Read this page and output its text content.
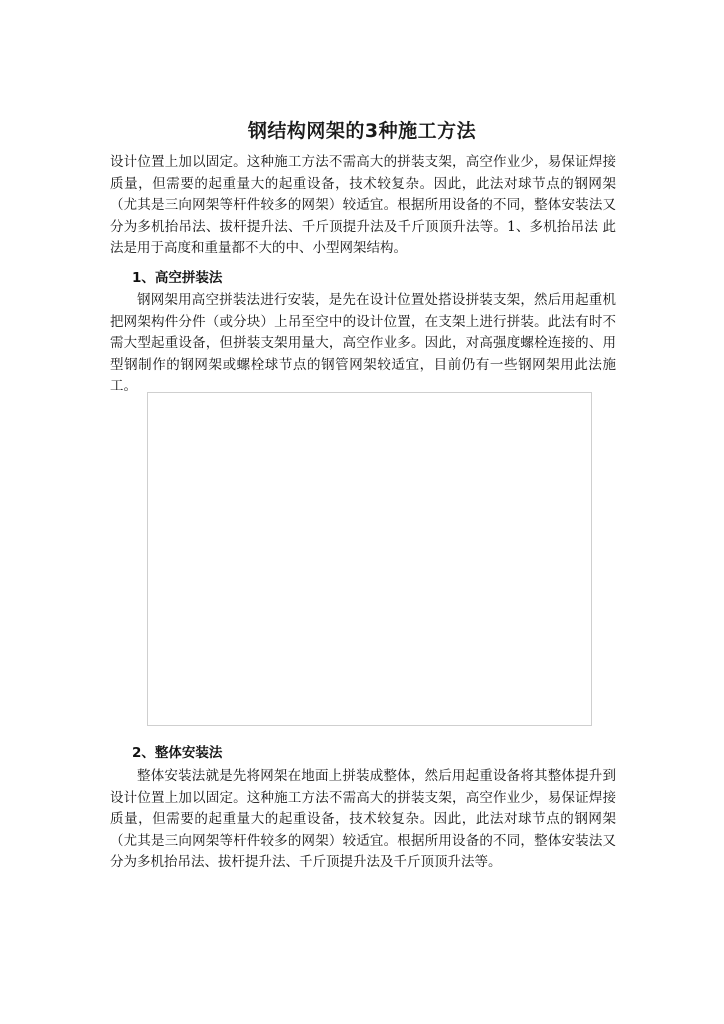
钢结构网架的3种施工方法

设计位置上加以固定。这种施工方法不需高大的拼装支架，高空作业少，易保证焊接质量，但需要的起重量大的起重设备，技术较复杂。因此，此法对球节点的钢网架（尤其是三向网架等杆件较多的网架）较适宜。根据所用设备的不同，整体安装法又分为多机抬吊法、拔杆提升法、千斤顶提升法及千斤顶顶升法等。1、多机抬吊法 此法是用于高度和重量都不大的中、小型网架结构。

1、高空拼装法

钢网架用高空拼装法进行安装，是先在设计位置处搭设拼装支架，然后用起重机把网架构件分件（或分块）上吊至空中的设计位置，在支架上进行拼装。此法有时不需大型起重设备，但拼装支架用量大，高空作业多。因此，对高强度螺栓连接的、用型钢制作的钢网架或螺栓球节点的钢管网架较适宜，目前仍有一些钢网架用此法施工。

2、整体安装法

整体安装法就是先将网架在地面上拼装成整体，然后用起重设备将其整体提升到设计位置上加以固定。这种施工方法不需高大的拼装支架，高空作业少，易保证焊接质量，但需要的起重量大的起重设备，技术较复杂。因此，此法对球节点的钢网架（尤其是三向网架等杆件较多的网架）较适宜。根据所用设备的不同，整体安装法又分为多机抬吊法、拔杆提升法、千斤顶提升法及千斤顶顶升法等。
